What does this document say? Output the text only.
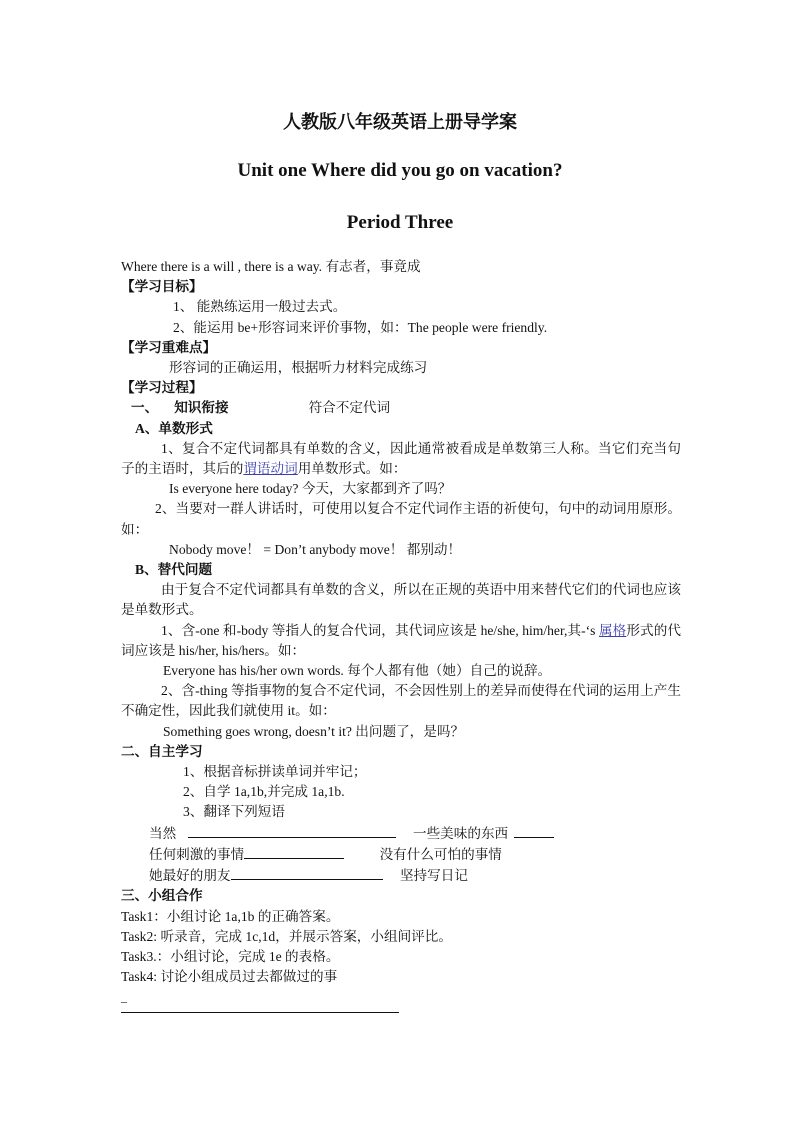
人教版八年级英语上册导学案
Unit one Where did you go on vacation?
Period Three

Where there is a will , there is a way. 有志者，事竟成

【学习目标】

1、 能熟练运用一般过去式。

2、能运用 be+形容词来评价事物，如：The people were friendly.

【学习重难点】

形容词的正确运用，根据听力材料完成练习

【学习过程】

一、 知识衔接	符合不定代词

A、单数形式

1、复合不定代词都具有单数的含义，因此通常被看成是单数第三人称。当它们充当句子的主语时，其后的谓语动词用单数形式。如：

Is everyone here today? 今天，大家都到齐了吗？

2、当要对一群人讲话时，可使用以复合不定代词作主语的祈使句，句中的动词用原形。如：

Nobody move！ = Don’t anybody move！ 都别动！

B、替代问题

由于复合不定代词都具有单数的含义，所以在正规的英语中用来替代它们的代词也应该是单数形式。

1、含-one 和-body 等指人的复合代词，其代词应该是 he/she, him/her,其-‘s 属格形式的代词应该是 his/her, his/hers。如：

Everyone has his/her own words. 每个人都有他（她）自己的说辞。

2、含-thing 等指事物的复合不定代词，不会因性别上的差异而使得在代词的运用上产生不确定性，因此我们就使用 it。如：

Something goes wrong, doesn’t it? 出问题了，是吗？

二、自主学习

1、根据音标拼读单词并牢记；

2、自学 1a,1b,并完成 1a,1b.

3、翻译下列短语

当然	一些美味的东西

任何刺激的事情	没有什么可怕的事情

她最好的朋友	坚持写日记

三、小组合作

Task1：小组讨论 1a,1b 的正确答案。

Task2: 听录音，完成 1c,1d，并展示答案，小组间评比。

Task3.：小组讨论，完成 1e 的表格。

Task4: 讨论小组成员过去都做过的事

_
